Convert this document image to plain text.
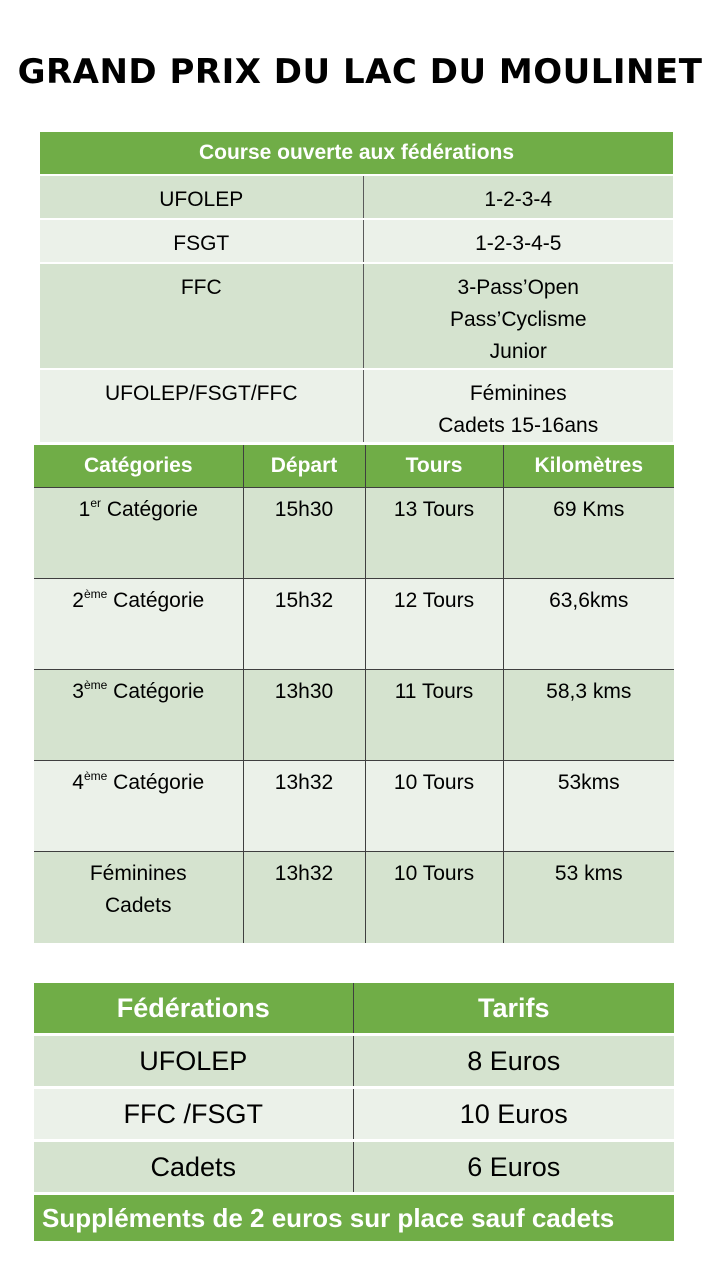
GRAND PRIX DU LAC DU MOULINET
Course ouverte aux fédérations	
UFOLEP	1-2-3-4
FSGT	1-2-3-4-5
FFC	3-Pass’Open
Pass’Cyclisme
Junior

UFOLEP/FSGT/FFC	Féminines
Cadets 15-16ans
Catégories	Départ	Tours	Kilomètres
1er Catégorie	15h30	13 Tours	69 Kms
2ème Catégorie	15h32	12 Tours	63,6kms
3ème Catégorie	13h30	11 Tours	58,3 kms
4ème Catégorie	13h32	10 Tours	53kms

Féminines
Cadets	13h32	10 Tours	53 kms
Fédérations	Tarifs
UFOLEP	8 Euros
FFC /FSGT	10 Euros
Cadets	6 Euros
Suppléments de 2 euros sur place sauf cadets	
